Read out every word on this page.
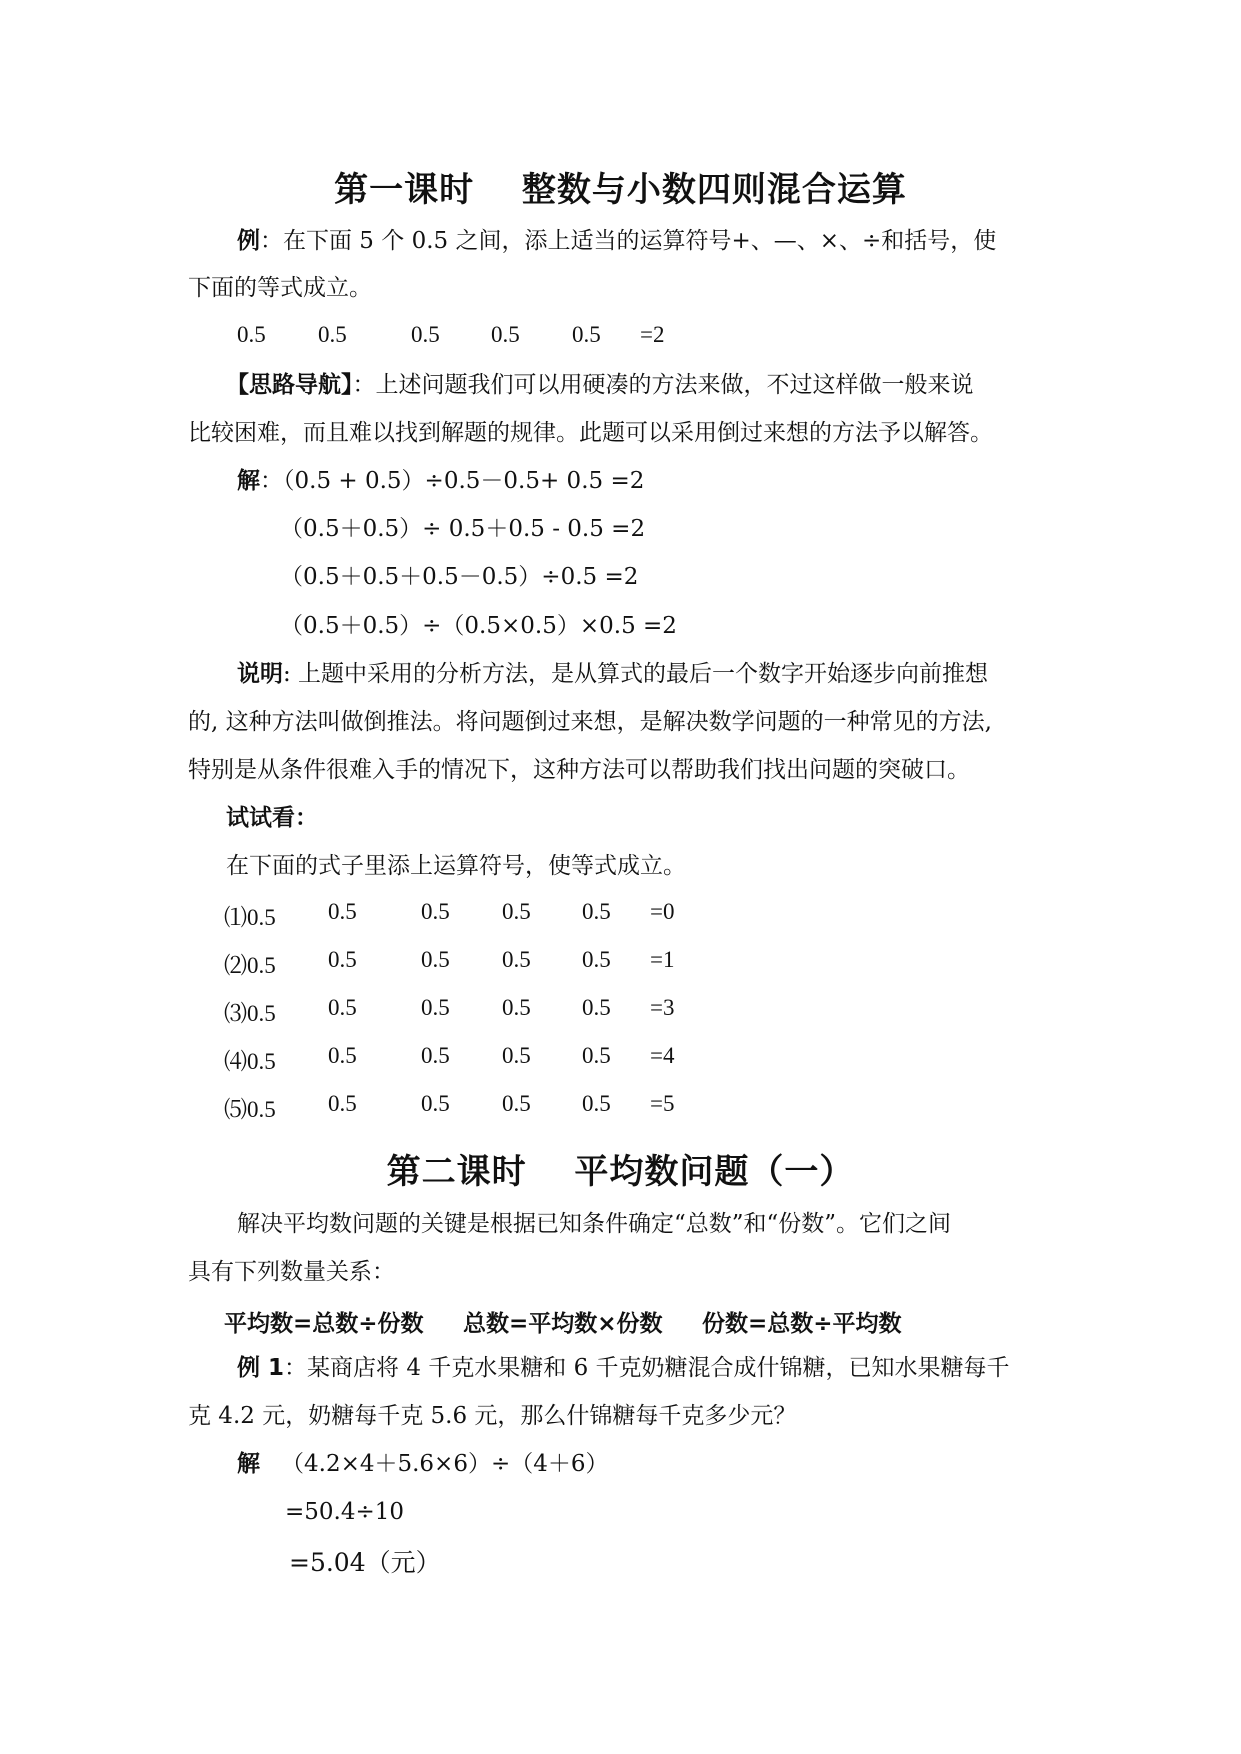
第一课时　 整数与小数四则混合运算
例：在下面 5 个 0.5 之间，添上适当的运算符号+、—、×、÷和括号，使
下面的等式成立。
0.5 0.5	0.5 0.5 0.5 =2
【思路导航】：上述问题我们可以用硬凑的方法来做，不过这样做一般来说
比较困难，而且难以找到解题的规律。此题可以采用倒过来想的方法予以解答。
解：（0.5 + 0.5）÷0.5－0.5+ 0.5 =2
（0.5＋0.5）÷ 0.5＋0.5 - 0.5 =2
（0.5＋0.5＋0.5－0.5）÷0.5 =2
（0.5＋0.5）÷（0.5×0.5）×0.5 =2
说明: 上题中采用的分析方法，是从算式的最后一个数字开始逐步向前推想
的, 这种方法叫做倒推法。将问题倒过来想，是解决数学问题的一种常见的方法,
特别是从条件很难入手的情况下，这种方法可以帮助我们找出问题的突破口。
试试看：
在下面的式子里添上运算符号，使等式成立。
⑴0.5 0.5	0.5 0.5 0.5 =0
⑵0.5 0.5	0.5 0.5 0.5 =1
⑶0.5 0.5	0.5 0.5 0.5 =3
⑷0.5 0.5	0.5 0.5 0.5 =4
⑸0.5 0.5	0.5 0.5 0.5 =5
第二课时　 平均数问题（一）
解决平均数问题的关键是根据已知条件确定“总数”和“份数”。它们之间
具有下列数量关系：
平均数=总数÷份数 总数=平均数×份数 份数=总数÷平均数
例 1：某商店将 4 千克水果糖和 6 千克奶糖混合成什锦糖，已知水果糖每千
克 4.2 元，奶糖每千克 5.6 元，那么什锦糖每千克多少元？
解 （4.2×4＋5.6×6）÷（4＋6）
=50.4÷10
=5.04（元）
